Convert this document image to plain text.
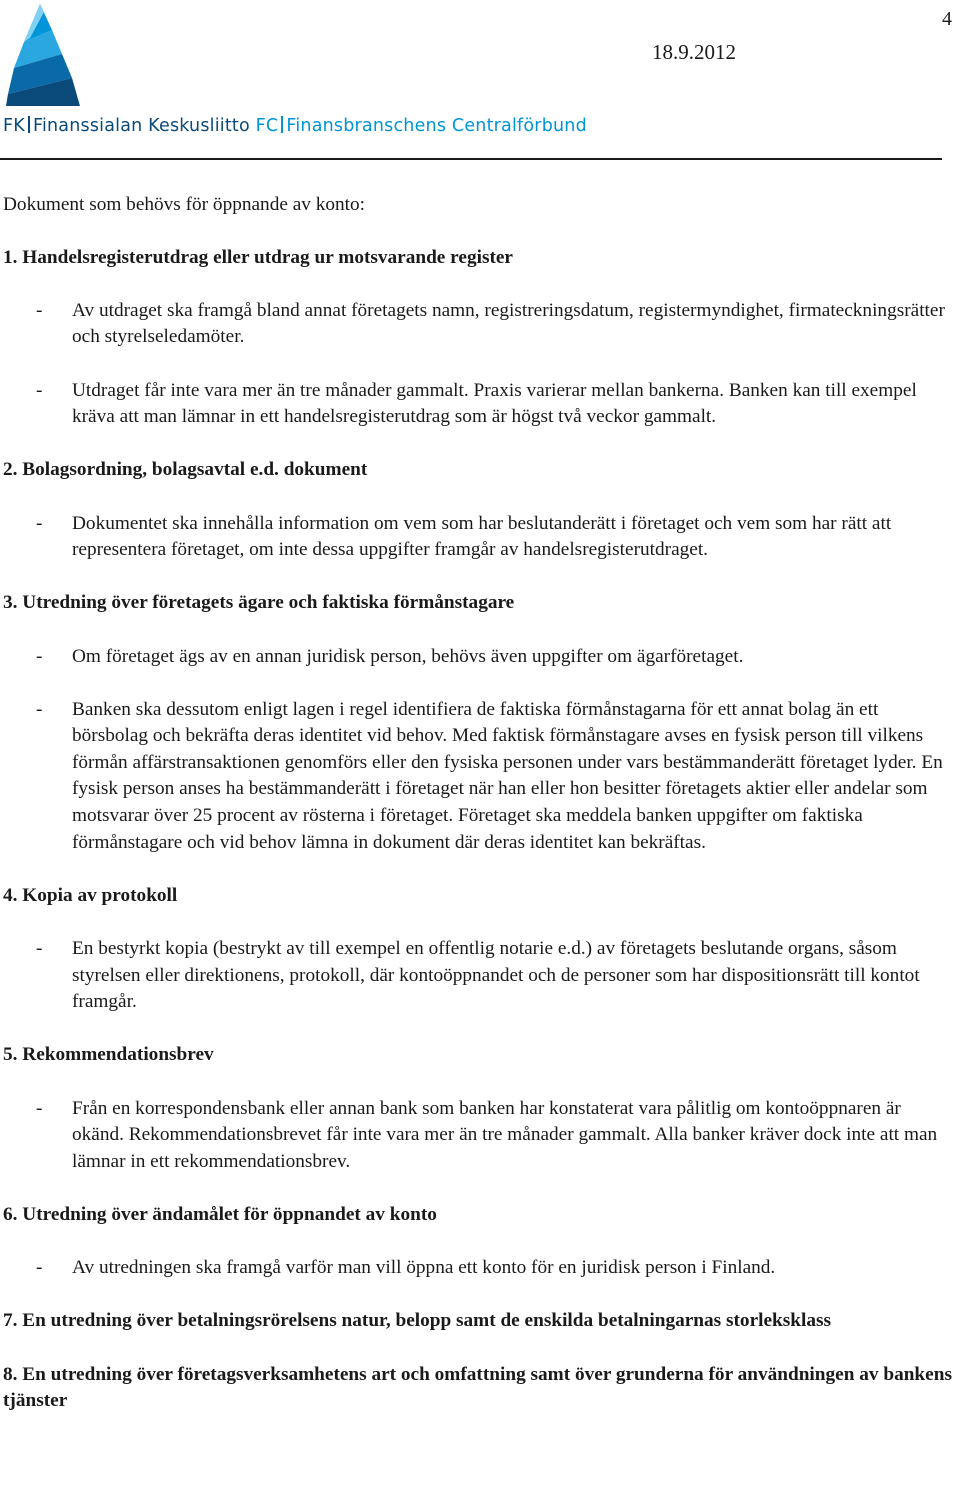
FK Finanssialan Keskusliitto FC Finansbranschens Centralförbund
4
18.9.2012

Dokument som behövs för öppnande av konto:

1. Handelsregisterutdrag eller utdrag ur motsvarande register
- Av utdraget ska framgå bland annat företagets namn, registreringsdatum, registermyndighet, firmateckningsrätter och styrelseledamöter.
- Utdraget får inte vara mer än tre månader gammalt. Praxis varierar mellan bankerna. Banken kan till exempel kräva att man lämnar in ett handelsregisterutdrag som är högst två veckor gammalt.
2. Bolagsordning, bolagsavtal e.d. dokument
- Dokumentet ska innehålla information om vem som har beslutanderätt i företaget och vem som har rätt att representera företaget, om inte dessa uppgifter framgår av handelsregisterutdraget.
3. Utredning över företagets ägare och faktiska förmånstagare
- Om företaget ägs av en annan juridisk person, behövs även uppgifter om ägarföretaget.
- Banken ska dessutom enligt lagen i regel identifiera de faktiska förmånstagarna för ett annat bolag än ett börsbolag och bekräfta deras identitet vid behov. Med faktisk förmånstagare avses en fysisk person till vilkens förmån affärstransaktionen genomförs eller den fysiska personen under vars bestämmanderätt företaget lyder. En fysisk person anses ha bestämmanderätt i företaget när han eller hon besitter företagets aktier eller andelar som motsvarar över 25 procent av rösterna i företaget. Företaget ska meddela banken uppgifter om faktiska förmånstagare och vid behov lämna in dokument där deras identitet kan bekräftas.
4. Kopia av protokoll
- En bestyrkt kopia (bestrykt av till exempel en offentlig notarie e.d.) av företagets beslutande organs, såsom styrelsen eller direktionens, protokoll, där kontoöppnandet och de personer som har dispositionsrätt till kontot framgår.
5. Rekommendationsbrev
- Från en korrespondensbank eller annan bank som banken har konstaterat vara pålitlig om kontoöppnaren är okänd. Rekommendationsbrevet får inte vara mer än tre månader gammalt. Alla banker kräver dock inte att man lämnar in ett rekommendationsbrev.
6. Utredning över ändamålet för öppnandet av konto
- Av utredningen ska framgå varför man vill öppna ett konto för en juridisk person i Finland.
7. En utredning över betalningsrörelsens natur, belopp samt de enskilda betalningarnas storleksklass
8. En utredning över företagsverksamhetens art och omfattning samt över grunderna för användningen av bankens tjänster
